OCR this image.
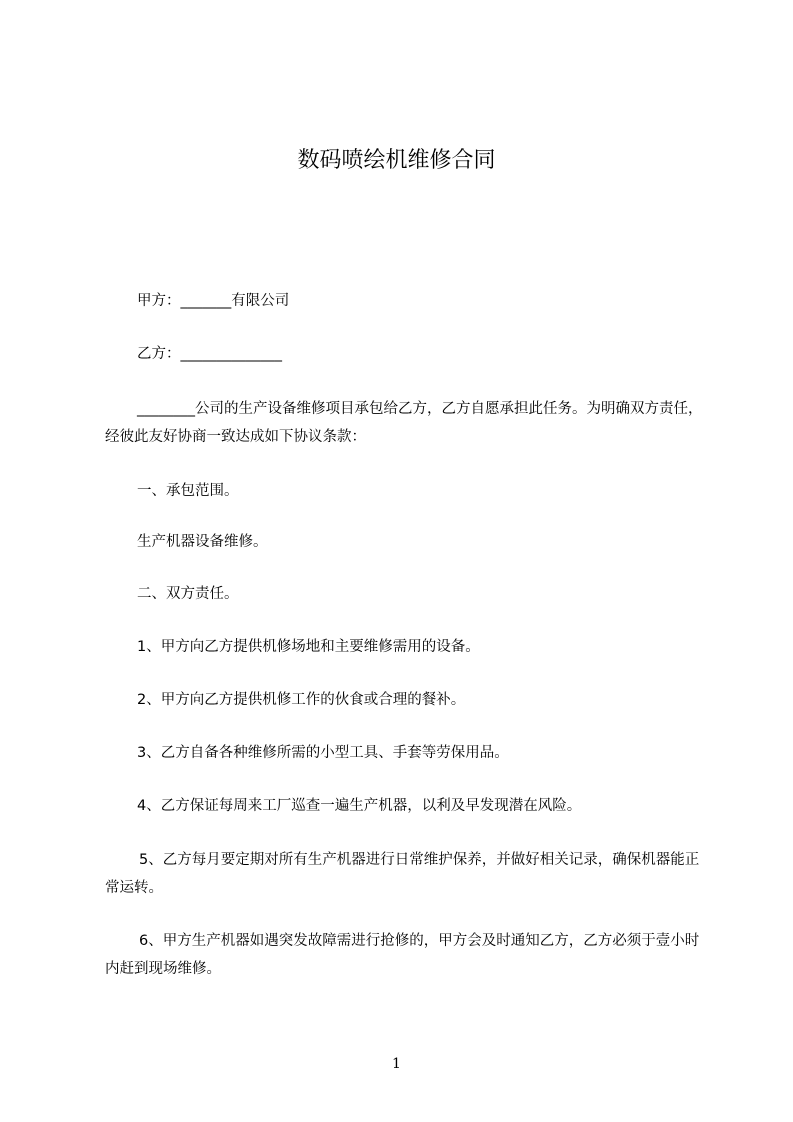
数码喷绘机维修合同
甲方：_______有限公司
乙方：______________
________公司的生产设备维修项目承包给乙方，乙方自愿承担此任务。为明确双方责任，经彼此友好协商一致达成如下协议条款：
一、承包范围。
生产机器设备维修。
二、双方责任。
1、甲方向乙方提供机修场地和主要维修需用的设备。
2、甲方向乙方提供机修工作的伙食或合理的餐补。
3、乙方自备各种维修所需的小型工具、手套等劳保用品。
4、乙方保证每周来工厂巡查一遍生产机器，以利及早发现潜在风险。
5、乙方每月要定期对所有生产机器进行日常维护保养，并做好相关记录，确保机器能正常运转。
6、甲方生产机器如遇突发故障需进行抢修的，甲方会及时通知乙方，乙方必须于壹小时内赶到现场维修。
1
